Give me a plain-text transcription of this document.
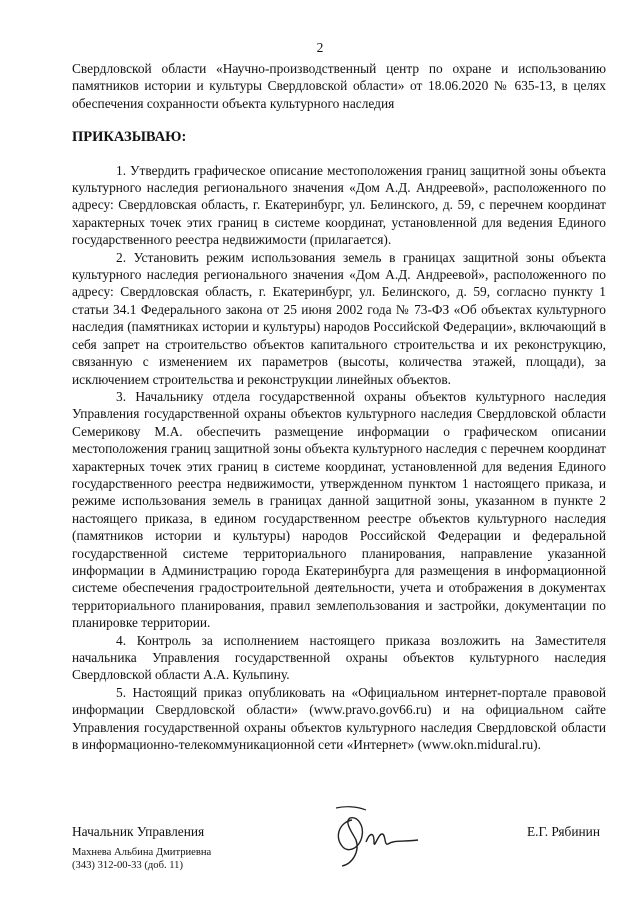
2

Свердловской области «Научно-производственный центр по охране и использованию памятников истории и культуры Свердловской области» от 18.06.2020 № 635-13, в целях обеспечения сохранности объекта культурного наследия

ПРИКАЗЫВАЮ:

1. Утвердить графическое описание местоположения границ защитной зоны объекта культурного наследия регионального значения «Дом А.Д. Андреевой», расположенного по адресу: Свердловская область, г. Екатеринбург, ул. Белинского, д. 59, с перечнем координат характерных точек этих границ в системе координат, установленной для ведения Единого государственного реестра недвижимости (прилагается).

2. Установить режим использования земель в границах защитной зоны объекта культурного наследия регионального значения «Дом А.Д. Андреевой», расположенного по адресу: Свердловская область, г. Екатеринбург, ул. Белинского, д. 59, согласно пункту 1 статьи 34.1 Федерального закона от 25 июня 2002 года № 73-ФЗ «Об объектах культурного наследия (памятниках истории и культуры) народов Российской Федерации», включающий в себя запрет на строительство объектов капитального строительства и их реконструкцию, связанную с изменением их параметров (высоты, количества этажей, площади), за исключением строительства и реконструкции линейных объектов.

3. Начальнику отдела государственной охраны объектов культурного наследия Управления государственной охраны объектов культурного наследия Свердловской области Семерикову М.А. обеспечить размещение информации о графическом описании местоположения границ защитной зоны объекта культурного наследия с перечнем координат характерных точек этих границ в системе координат, установленной для ведения Единого государственного реестра недвижимости, утвержденном пунктом 1 настоящего приказа, и режиме использования земель в границах данной защитной зоны, указанном в пункте 2 настоящего приказа, в едином государственном реестре объектов культурного наследия (памятников истории и культуры) народов Российской Федерации и федеральной государственной системе территориального планирования, направление указанной информации в Администрацию города Екатеринбурга для размещения в информационной системе обеспечения градостроительной деятельности, учета и отображения в документах территориального планирования, правил землепользования и застройки, документации по планировке территории.

4. Контроль за исполнением настоящего приказа возложить на Заместителя начальника Управления государственной охраны объектов культурного наследия Свердловской области А.А. Кульпину.

5. Настоящий приказ опубликовать на «Официальном интернет-портале правовой информации Свердловской области» (www.pravo.gov66.ru) и на официальном сайте Управления государственной охраны объектов культурного наследия Свердловской области в информационно-телекоммуникационной сети «Интернет» (www.okn.midural.ru).

Начальник Управления	Е.Г. Рябинин
Махнева Альбина Дмитриевна
(343) 312-00-33 (доб. 11)
